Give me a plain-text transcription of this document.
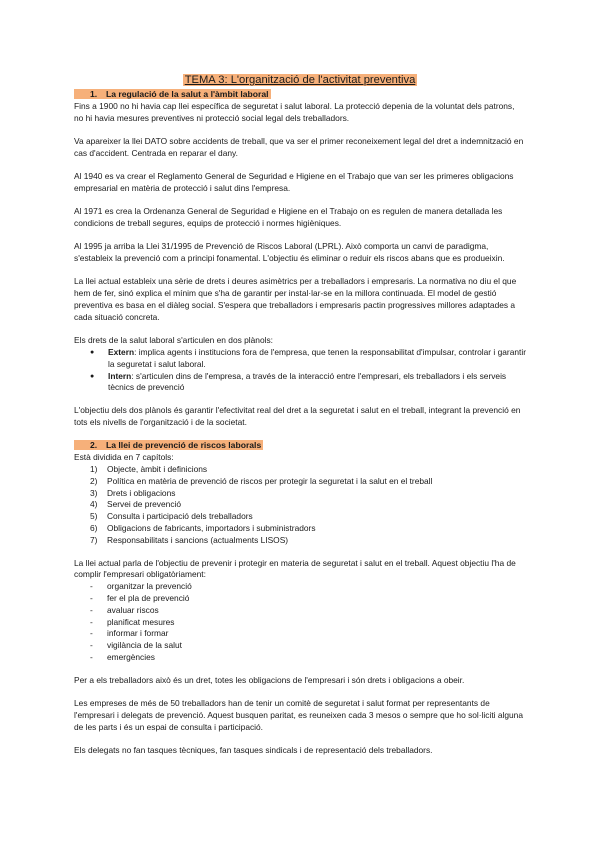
TEMA 3: L'organització de l'activitat preventiva
1. La regulació de la salut a l'àmbit laboral

Fins a 1900 no hi havia cap llei específica de seguretat i salut laboral. La protecció depenia de la voluntat dels patrons, no hi havia mesures preventives ni protecció social legal dels treballadors.

Va apareixer la llei DATO sobre accidents de treball, que va ser el primer reconeixement legal del dret a indemnització en cas d'accident. Centrada en reparar el dany.

Al 1940 es va crear el Reglamento General de Seguridad e Higiene en el Trabajo que van ser les primeres obligacions empresarial en matèria de protecció i salut dins l'empresa.

Al 1971 es crea la Ordenanza General de Seguridad e Higiene en el Trabajo on es regulen de manera detallada les condicions de treball segures, equips de protecció i normes higièniques.

Al 1995 ja arriba la Llei 31/1995 de Prevenció de Riscos Laboral (LPRL). Això comporta un canvi de paradigma, s'estableix la prevenció com a principi fonamental. L'objectiu és eliminar o reduir els riscos abans que es produeixin.

La llei actual estableix una sèrie de drets i deures asimètrics per a treballadors i empresaris. La normativa no diu el que hem de fer, sinó explica el mínim que s'ha de garantir per instal·lar-se en la millora continuada. El model de gestió preventiva es basa en el diàleg social. S'espera que treballadors i empresaris pactin progressives millores adaptades a cada situació concreta.

Els drets de la salut laboral s'articulen en dos plànols:

● Extern: implica agents i institucions fora de l'empresa, que tenen la responsabilitat d'impulsar, controlar i garantir la seguretat i salut laboral.
● Intern: s'articulen dins de l'empresa, a través de la interacció entre l'empresari, els treballadors i els serveis tècnics de prevenció

L'objectiu dels dos plànols és garantir l'efectivitat real del dret a la seguretat i salut en el treball, integrant la prevenció en tots els nivells de l'organització i de la societat.

2. La llei de prevenció de riscos laborals

Està dividida en 7 capítols:

1)	Objecte, àmbit i definicions
2)	Política en matèria de prevenció de riscos per protegir la seguretat i la salut en el treball
3)	Drets i obligacions
4)	Servei de prevenció
5)	Consulta i participació dels treballadors
6)	Obligacions de fabricants, importadors i subministradors
7)	Responsabilitats i sancions (actualments LISOS)

La llei actual parla de l'objectiu de prevenir i protegir en materia de seguretat i salut en el treball. Aquest objectiu l'ha de complir l'empresari obligatòriament:

-	organitzar la prevenció
-	fer el pla de prevenció
-	avaluar riscos
-	planificat mesures
-	informar i formar
-	vigilància de la salut
-	emergències

Per a els treballadors això és un dret, totes les obligacions de l'empresari i són drets i obligacions a obeir.

Les empreses de més de 50 treballadors han de tenir un comitè de seguretat i salut format per representants de l'empresari i delegats de prevenció. Aquest busquen paritat, es reuneixen cada 3 mesos o sempre que ho sol·liciti alguna de les parts i és un espai de consulta i participació.

Els delegats no fan tasques tècniques, fan tasques sindicals i de representació dels treballadors.
